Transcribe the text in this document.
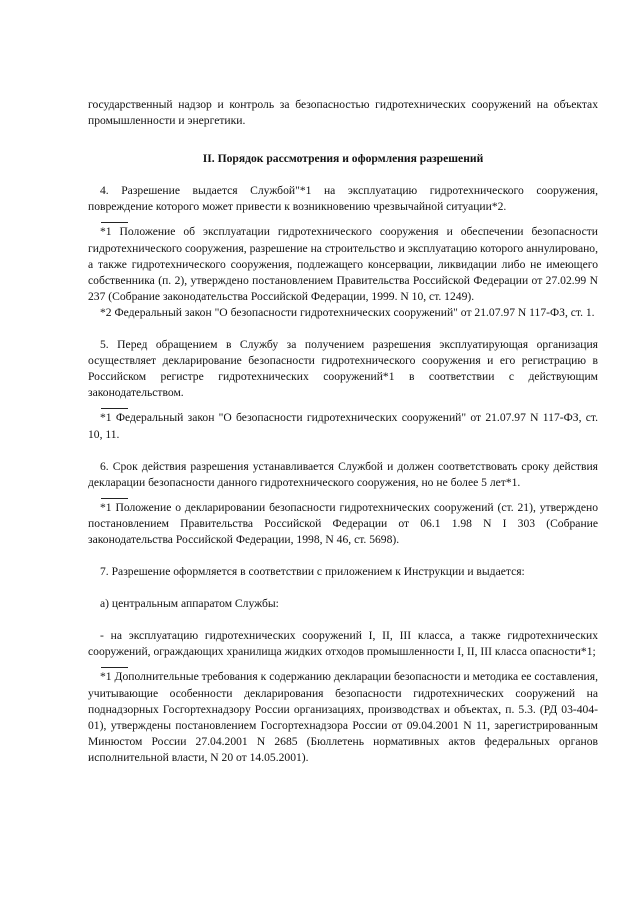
государственный надзор и контроль за безопасностью гидротехнических сооружений на объектах промышленности и энергетики.

II. Порядок рассмотрения и оформления разрешений

4. Разрешение выдается Службой"*1 на эксплуатацию гидротехнического сооружения, повреждение которого может привести к возникновению чрезвычайной ситуации*2.

*1 Положение об эксплуатации гидротехнического сооружения и обеспечении безопасности гидротехнического сооружения, разрешение на строительство и эксплуатацию которого аннулировано, а также гидротехнического сооружения, подлежащего консервации, ликвидации либо не имеющего собственника (п. 2), утверждено постановлением Правительства Российской Федерации от 27.02.99 N 237 (Собрание законодательства Российской Федерации, 1999. N 10, ст. 1249).

*2 Федеральный закон "О безопасности гидротехнических сооружений" от 21.07.97 N 117-ФЗ, ст. 1.

5. Перед обращением в Службу за получением разрешения эксплуатирующая организация осуществляет декларирование безопасности гидротехнического сооружения и его регистрацию в Российском регистре гидротехнических сооружений*1 в соответствии с действующим законодательством.

*1 Федеральный закон "О безопасности гидротехнических сооружений" от 21.07.97 N 117-ФЗ, ст. 10, 11.

6. Срок действия разрешения устанавливается Службой и должен соответствовать сроку действия декларации безопасности данного гидротехнического сооружения, но не более 5 лет*1.

*1 Положение о декларировании безопасности гидротехнических сооружений (ст. 21), утверждено постановлением Правительства Российской Федерации от 06.1 1.98 N I 303 (Собрание законодательства Российской Федерации, 1998, N 46, ст. 5698).

7. Разрешение оформляется в соответствии с приложением к Инструкции и выдается:

а) центральным аппаратом Службы:

- на эксплуатацию гидротехнических сооружений I, II, III класса, а также гидротехнических сооружений, ограждающих хранилища жидких отходов промышленности I, II, III класса опасности*1;

*1 Дополнительные требования к содержанию декларации безопасности и методика ее составления, учитывающие особенности декларирования безопасности гидротехнических сооружений на поднадзорных Госгортехнадзору России организациях, производствах и объектах, п. 5.3. (РД 03-404-01), утверждены постановлением Госгортехнадзора России от 09.04.2001 N 11, зарегистрированным Минюстом России 27.04.2001 N 2685 (Бюллетень нормативных актов федеральных органов исполнительной власти, N 20 от 14.05.2001).
